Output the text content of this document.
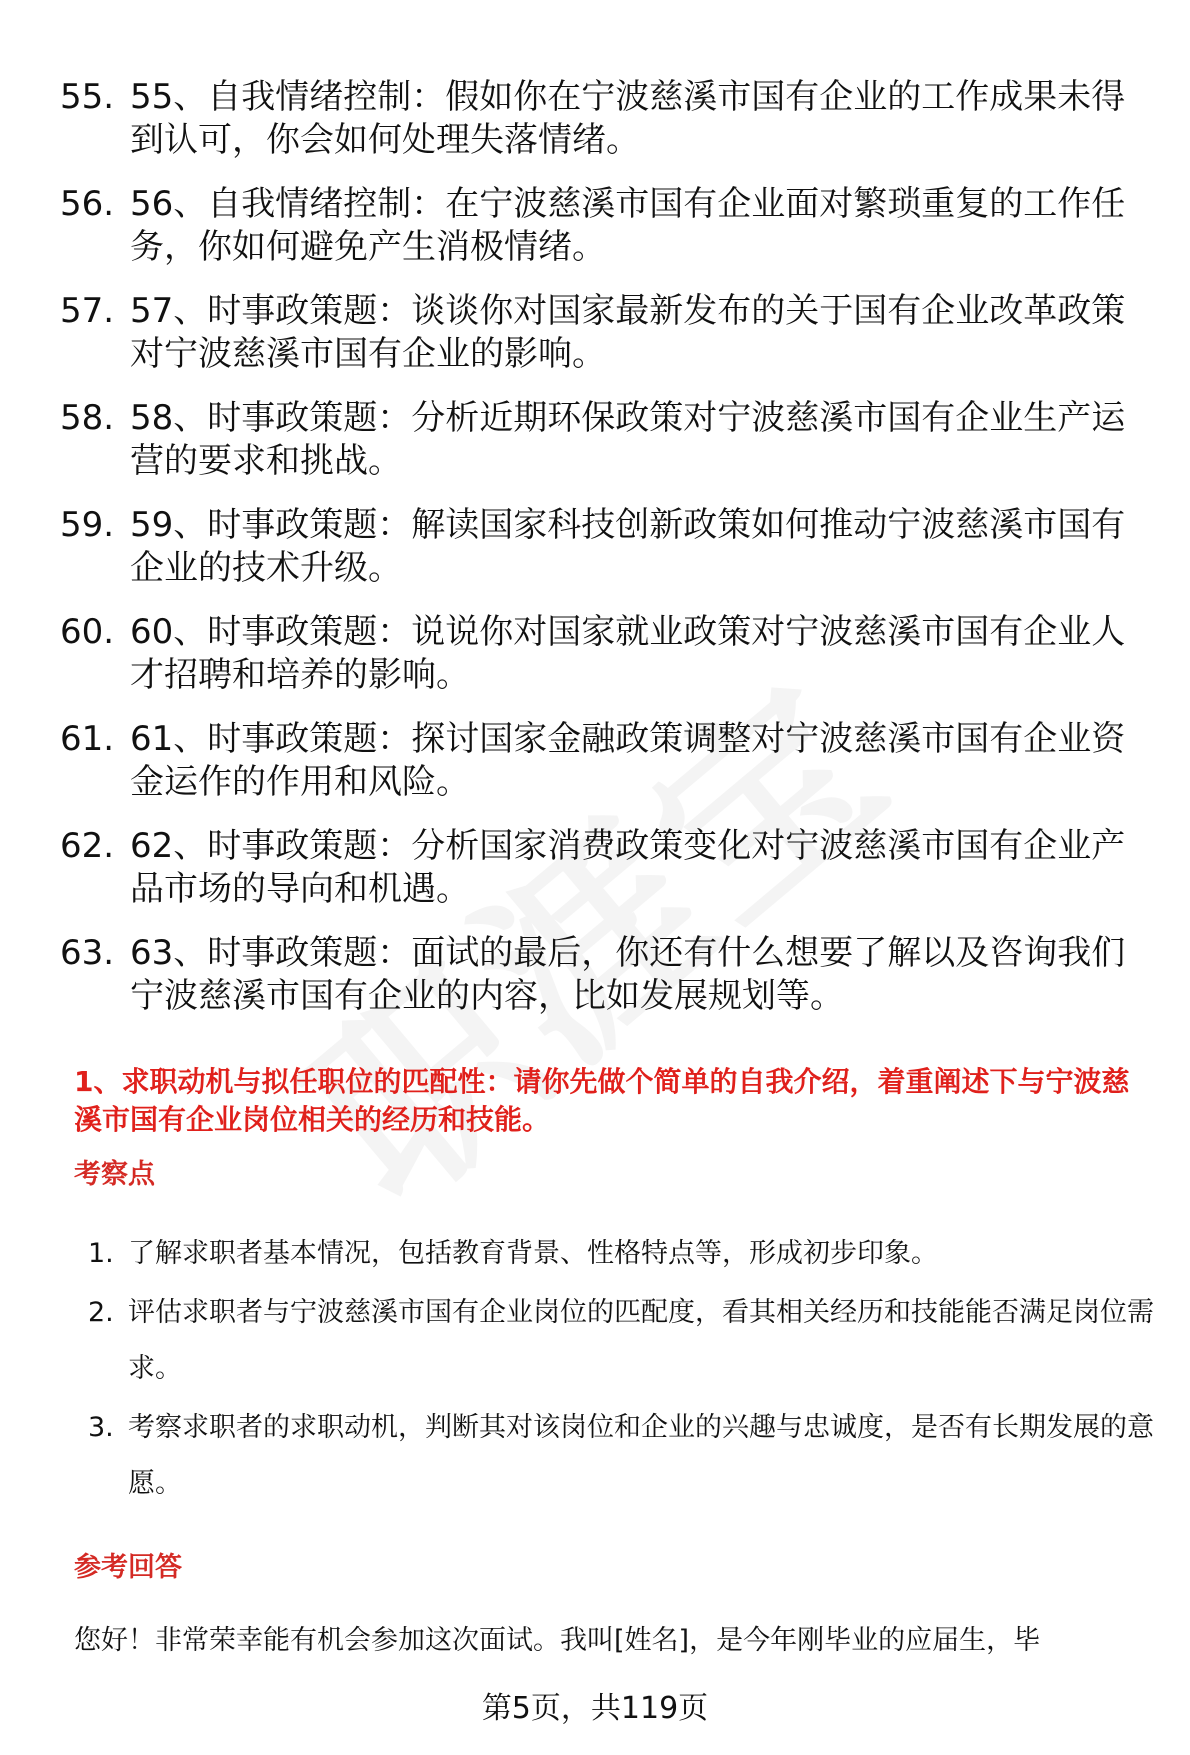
55. 55、自我情绪控制：假如你在宁波慈溪市国有企业的工作成果未得到认可，你会如何处理失落情绪。
56. 56、自我情绪控制：在宁波慈溪市国有企业面对繁琐重复的工作任务，你如何避免产生消极情绪。
57. 57、时事政策题：谈谈你对国家最新发布的关于国有企业改革政策对宁波慈溪市国有企业的影响。
58. 58、时事政策题：分析近期环保政策对宁波慈溪市国有企业生产运营的要求和挑战。
59. 59、时事政策题：解读国家科技创新政策如何推动宁波慈溪市国有企业的技术升级。
60. 60、时事政策题：说说你对国家就业政策对宁波慈溪市国有企业人才招聘和培养的影响。
61. 61、时事政策题：探讨国家金融政策调整对宁波慈溪市国有企业资金运作的作用和风险。
62. 62、时事政策题：分析国家消费政策变化对宁波慈溪市国有企业产品市场的导向和机遇。
63. 63、时事政策题：面试的最后，你还有什么想要了解以及咨询我们宁波慈溪市国有企业的内容，比如发展规划等。
1、求职动机与拟任职位的匹配性：请你先做个简单的自我介绍，着重阐述下与宁波慈溪市国有企业岗位相关的经历和技能。
考察点
1. 了解求职者基本情况，包括教育背景、性格特点等，形成初步印象。
2. 评估求职者与宁波慈溪市国有企业岗位的匹配度，看其相关经历和技能能否满足岗位需求。
3. 考察求职者的求职动机，判断其对该岗位和企业的兴趣与忠诚度，是否有长期发展的意愿。
参考回答
您好！非常荣幸能有机会参加这次面试。我叫[姓名]，是今年刚毕业的应届生，毕
第5页，共119页
